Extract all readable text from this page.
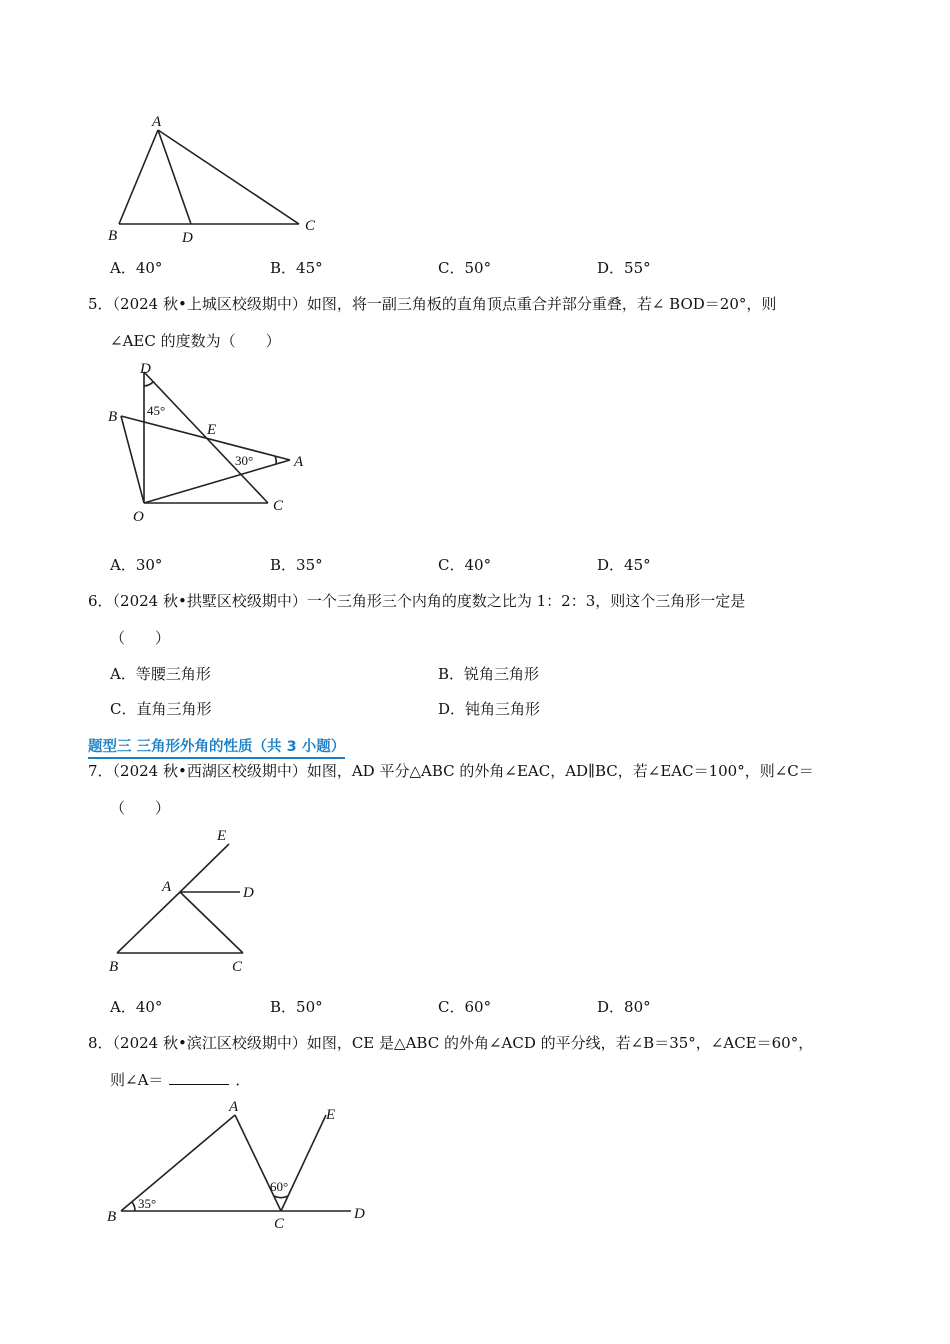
A
B
C
D
A．40°	B．45°	C．50°	D．55°
5．（2024 秋•上城区校级期中）如图，将一副三角板的直角顶点重合并部分重叠，若∠ BOD＝20°，则
∠AEC 的度数为（　　）
D
B
E
A
O
C
45°
30°
A．30°	B．35°	C．40°	D．45°
6．（2024 秋•拱墅区校级期中）一个三角形三个内角的度数之比为 1：2：3，则这个三角形一定是
（　　）
A．等腰三角形	B．锐角三角形
C．直角三角形	D．钝角三角形
题型三 三角形外角的性质（共 3 小题）
7．（2024 秋•西湖区校级期中）如图，AD 平分△ABC 的外角∠EAC，AD∥BC，若∠EAC＝100°，则∠C＝
（　　）
E
A	D
B	C
A．40°	B．50°	C．60°	D．80°
8．（2024 秋•滨江区校级期中）如图，CE 是△ABC 的外角∠ACD 的平分线，若∠B＝35°，∠ACE＝60°，
则∠A＝	．
A	E
B	C
D
35°
60°
